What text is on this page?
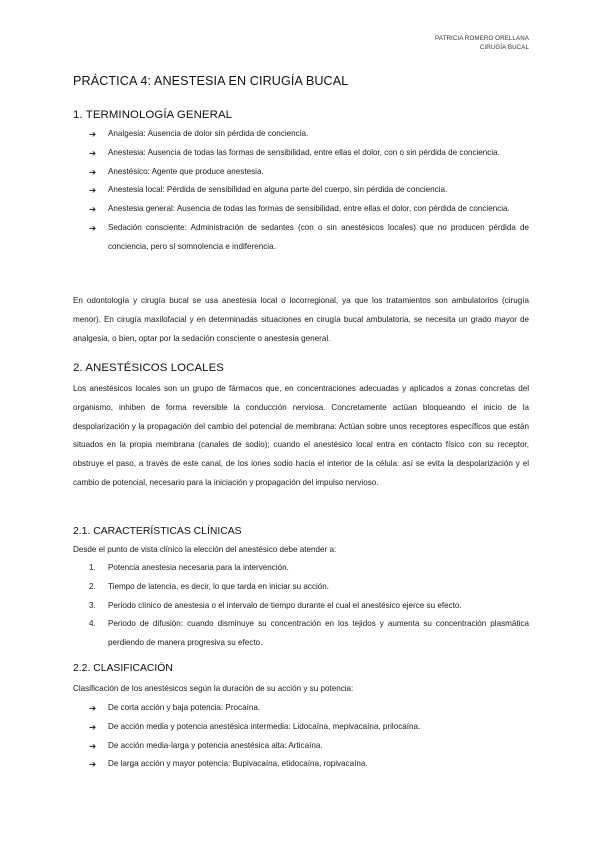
PATRICIA ROMERO ORELLANA
CIRUGÍA BUCAL
PRÁCTICA 4: ANESTESIA EN CIRUGÍA BUCAL
1. TERMINOLOGÍA GENERAL
➔ Analgesia: Ausencia de dolor sin pérdida de conciencia.
➔ Anestesia: Ausencia de todas las formas de sensibilidad, entre ellas el dolor, con o sin pérdida de conciencia.
➔ Anestésico: Agente que produce anestesia.
➔ Anestesia local: Pérdida de sensibilidad en alguna parte del cuerpo, sin pérdida de conciencia.
➔ Anestesia general: Ausencia de todas las formas de sensibilidad, entre ellas el dolor, con pérdida de conciencia.
➔ Sedación consciente: Administración de sedantes (con o sin anestésicos locales) que no producen pérdida de conciencia, pero sí somnolencia e indiferencia.
En odontología y cirugía bucal se usa anestesia local o locorregional, ya que los tratamientos son ambulatorios (cirugía menor). En cirugía maxilofacial y en determinadas situaciones en cirugía bucal ambulatoria, se necesita un grado mayor de analgesia, o bien, optar por la sedación consciente o anestesia general.
2. ANESTÉSICOS LOCALES
Los anestésicos locales son un grupo de fármacos que, en concentraciones adecuadas y aplicados a zonas concretas del organismo, inhiben de forma reversible la conducción nerviosa. Concretamente actúan bloqueando el inicio de la despolarización y la propagación del cambio del potencial de membrana: Actúan sobre unos receptores específicos que están situados en la propia membrana (canales de sodio); cuando el anestésico local entra en contacto físico con su receptor, obstruye el paso, a través de este canal, de los iones sodio hacia el interior de la célula: así se evita la despolarización y el cambio de potencial, necesario para la iniciación y propagación del impulso nervioso.
2.1. CARACTERÍSTICAS CLÍNICAS
Desde el punto de vista clínico la elección del anestésico debe atender a:
1. Potencia anestesia necesaria para la intervención.
2. Tiempo de latencia, es decir, lo que tarda en iniciar su acción.
3. Periodo clínico de anestesia o el intervalo de tiempo durante el cual el anestésico ejerce su efecto.
4. Periodo de difusión: cuando disminuye su concentración en los tejidos y aumenta su concentración plasmática perdiendo de manera progresiva su efecto.
2.2. CLASIFICACIÓN
Clasificación de los anestésicos según la duración de su acción y su potencia:
➔ De corta acción y baja potencia: Procaína.
➔ De acción media y potencia anestésica intermedia: Lidocaína, mepivacaína, prilocaína.
➔ De acción media-larga y potencia anestésica alta: Articaína.
➔ De larga acción y mayor potencia: Bupivacaína, etidocaína, ropivacaína.
